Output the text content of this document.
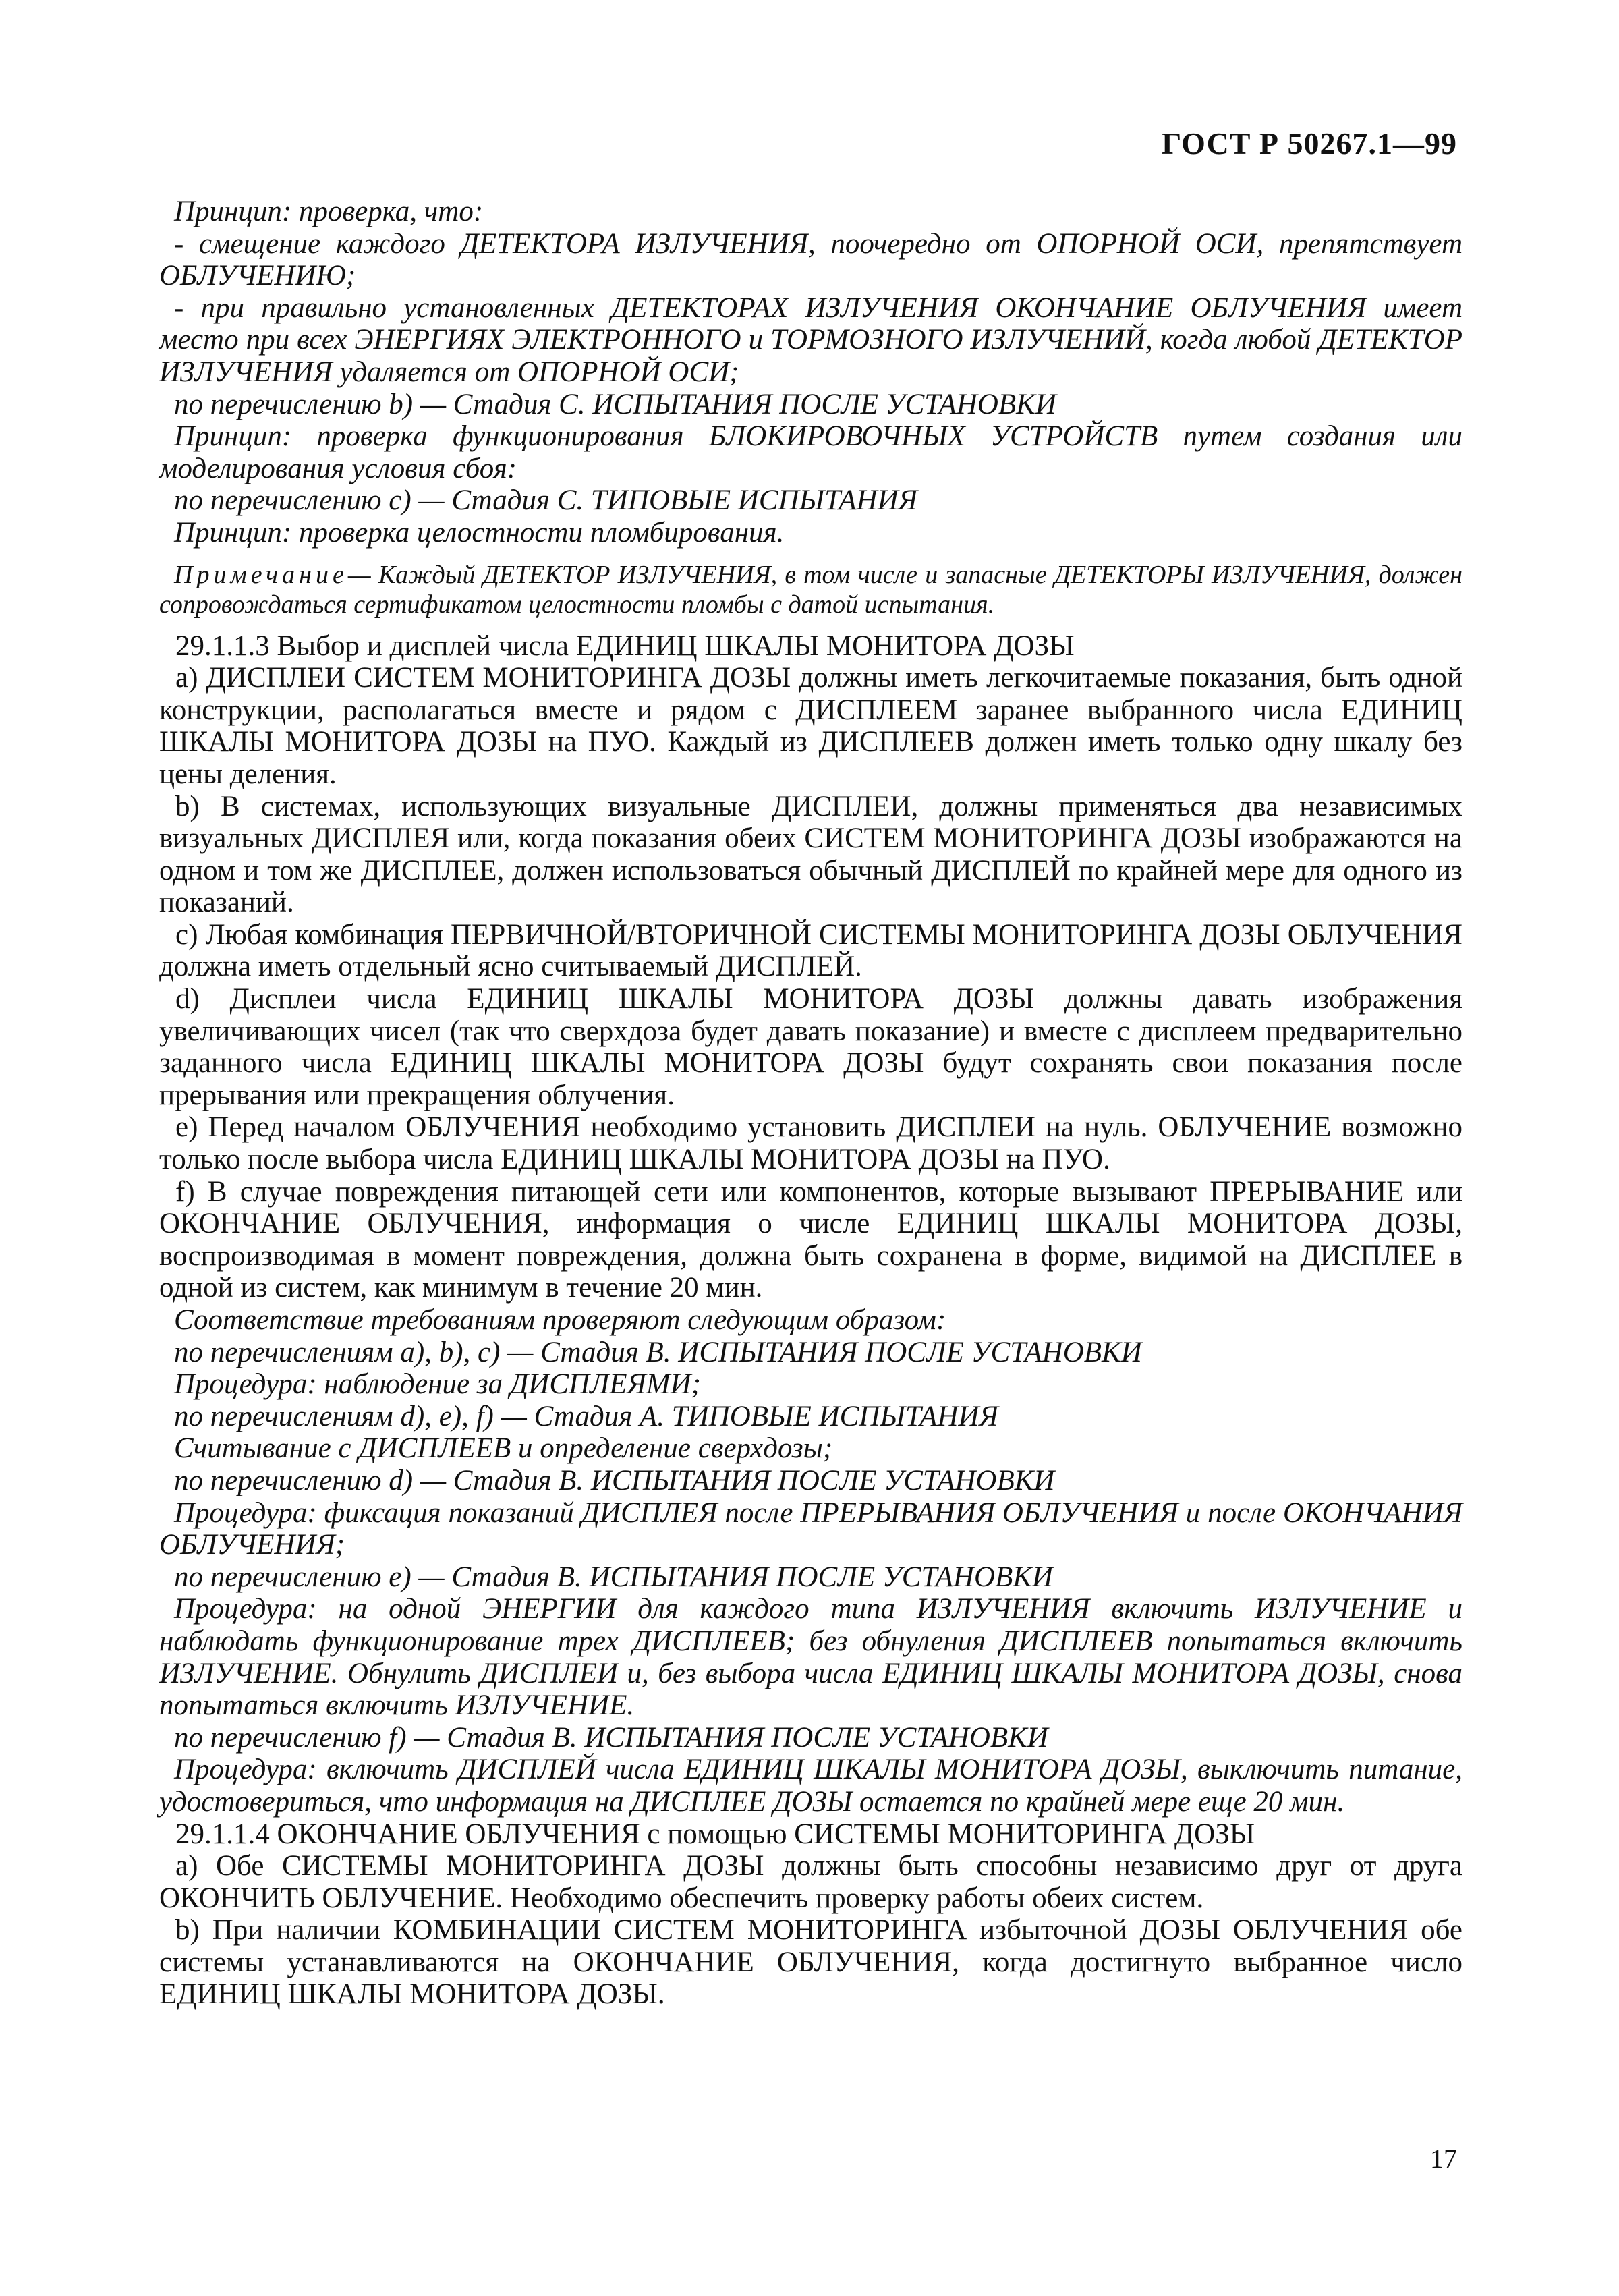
ГОСТ Р 50267.1—99

Принцип: проверка, что:

- смещение каждого ДЕТЕКТОРА ИЗЛУЧЕНИЯ, поочередно от ОПОРНОЙ ОСИ, препятствует ОБЛУЧЕНИЮ;

- при правильно установленных ДЕТЕКТОРАХ ИЗЛУЧЕНИЯ ОКОНЧАНИЕ ОБЛУЧЕНИЯ имеет место при всех ЭНЕРГИЯХ ЭЛЕКТРОННОГО и ТОРМОЗНОГО ИЗЛУЧЕНИЙ, когда любой ДЕТЕКТОР ИЗЛУЧЕНИЯ удаляется от ОПОРНОЙ ОСИ;

по перечислению b) — Стадия С. ИСПЫТАНИЯ ПОСЛЕ УСТАНОВКИ

Принцип: проверка функционирования БЛОКИРОВОЧНЫХ УСТРОЙСТВ путем создания или моделирования условия сбоя:

по перечислению с) — Стадия С. ТИПОВЫЕ ИСПЫТАНИЯ

Принцип: проверка целостности пломбирования.

Примечание— Каждый ДЕТЕКТОР ИЗЛУЧЕНИЯ, в том числе и запасные ДЕТЕКТОРЫ ИЗЛУЧЕНИЯ, должен сопровождаться сертификатом целостности пломбы с датой испытания.

29.1.1.3 Выбор и дисплей числа ЕДИНИЦ ШКАЛЫ МОНИТОРА ДОЗЫ

а) ДИСПЛЕИ СИСТЕМ МОНИТОРИНГА ДОЗЫ должны иметь легкочитаемые показания, быть одной конструкции, располагаться вместе и рядом с ДИСПЛЕЕМ заранее выбранного числа ЕДИНИЦ ШКАЛЫ МОНИТОРА ДОЗЫ на ПУО. Каждый из ДИСПЛЕЕВ должен иметь только одну шкалу без цены деления.

b) В системах, использующих визуальные ДИСПЛЕИ, должны применяться два независимых визуальных ДИСПЛЕЯ или, когда показания обеих СИСТЕМ МОНИТОРИНГА ДОЗЫ изображаются на одном и том же ДИСПЛЕЕ, должен использоваться обычный ДИСПЛЕЙ по крайней мере для одного из показаний.

с) Любая комбинация ПЕРВИЧНОЙ/ВТОРИЧНОЙ СИСТЕМЫ МОНИТОРИНГА ДОЗЫ ОБЛУЧЕНИЯ должна иметь отдельный ясно считываемый ДИСПЛЕЙ.

d) Дисплеи числа ЕДИНИЦ ШКАЛЫ МОНИТОРА ДОЗЫ должны давать изображения увеличивающих чисел (так что сверхдоза будет давать показание) и вместе с дисплеем предварительно заданного числа ЕДИНИЦ ШКАЛЫ МОНИТОРА ДОЗЫ будут сохранять свои показания после прерывания или прекращения облучения.

е) Перед началом ОБЛУЧЕНИЯ необходимо установить ДИСПЛЕИ на нуль. ОБЛУЧЕНИЕ возможно только после выбора числа ЕДИНИЦ ШКАЛЫ МОНИТОРА ДОЗЫ на ПУО.

f) В случае повреждения питающей сети или компонентов, которые вызывают ПРЕРЫВАНИЕ или ОКОНЧАНИЕ ОБЛУЧЕНИЯ, информация о числе ЕДИНИЦ ШКАЛЫ МОНИТОРА ДОЗЫ, воспроизводимая в момент повреждения, должна быть сохранена в форме, видимой на ДИСПЛЕЕ в одной из систем, как минимум в течение 20 мин.

Соответствие требованиям проверяют следующим образом:

по перечислениям а), b), с) — Стадия В. ИСПЫТАНИЯ ПОСЛЕ УСТАНОВКИ

Процедура: наблюдение за ДИСПЛЕЯМИ;

по перечислениям d), е), f) — Стадия А. ТИПОВЫЕ ИСПЫТАНИЯ

Считывание с ДИСПЛЕЕВ и определение сверхдозы;

по перечислению d) — Стадия В. ИСПЫТАНИЯ ПОСЛЕ УСТАНОВКИ

Процедура: фиксация показаний ДИСПЛЕЯ после ПРЕРЫВАНИЯ ОБЛУЧЕНИЯ и после ОКОНЧАНИЯ ОБЛУЧЕНИЯ;

по перечислению е) — Стадия В. ИСПЫТАНИЯ ПОСЛЕ УСТАНОВКИ

Процедура: на одной ЭНЕРГИИ для каждого типа ИЗЛУЧЕНИЯ включить ИЗЛУЧЕНИЕ и наблюдать функционирование трех ДИСПЛЕЕВ; без обнуления ДИСПЛЕЕВ попытаться включить ИЗЛУЧЕНИЕ. Обнулить ДИСПЛЕИ и, без выбора числа ЕДИНИЦ ШКАЛЫ МОНИТОРА ДОЗЫ, снова попытаться включить ИЗЛУЧЕНИЕ.

по перечислению f) — Стадия В. ИСПЫТАНИЯ ПОСЛЕ УСТАНОВКИ

Процедура: включить ДИСПЛЕЙ числа ЕДИНИЦ ШКАЛЫ МОНИТОРА ДОЗЫ, выключить питание, удостовериться, что информация на ДИСПЛЕЕ ДОЗЫ остается по крайней мере еще 20 мин.

29.1.1.4 ОКОНЧАНИЕ ОБЛУЧЕНИЯ с помощью СИСТЕМЫ МОНИТОРИНГА ДОЗЫ

а) Обе СИСТЕМЫ МОНИТОРИНГА ДОЗЫ должны быть способны независимо друг от друга ОКОНЧИТЬ ОБЛУЧЕНИЕ. Необходимо обеспечить проверку работы обеих систем.

b) При наличии КОМБИНАЦИИ СИСТЕМ МОНИТОРИНГА избыточной ДОЗЫ ОБЛУЧЕНИЯ обе системы устанавливаются на ОКОНЧАНИЕ ОБЛУЧЕНИЯ, когда достигнуто выбранное число ЕДИНИЦ ШКАЛЫ МОНИТОРА ДОЗЫ.

17
